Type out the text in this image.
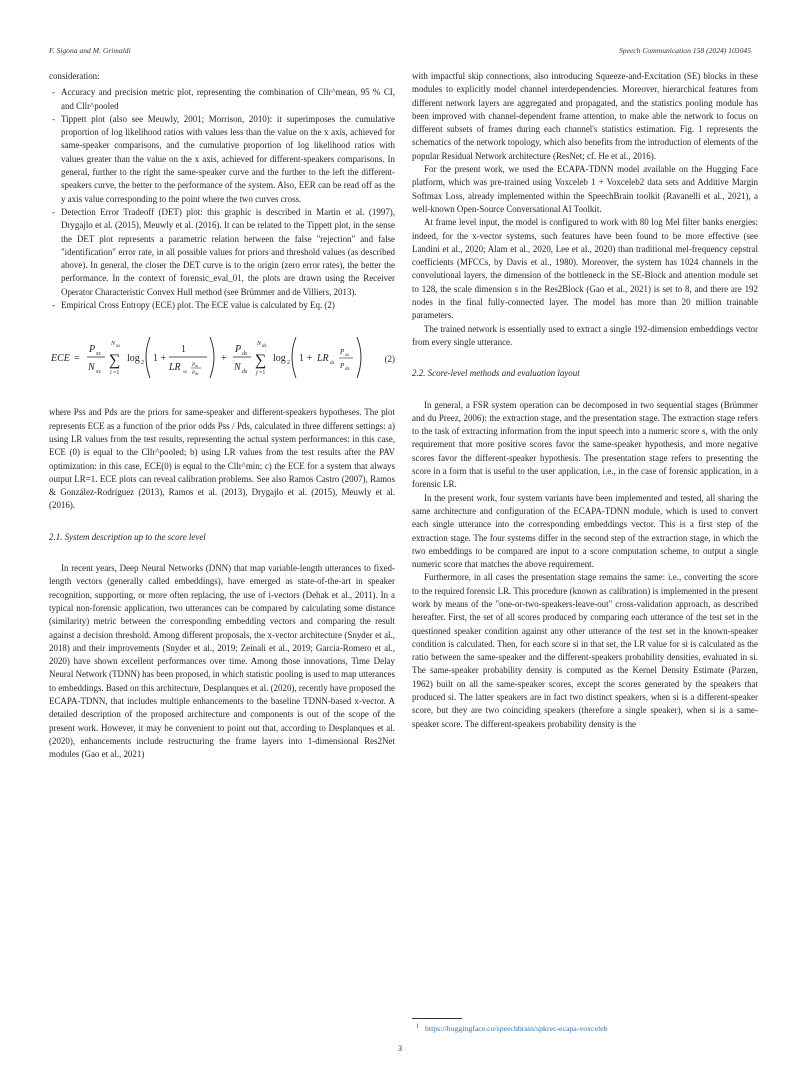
F. Sigona and M. Grimaldi	Speech Communication 158 (2024) 103045

consideration:

- Accuracy and precision metric plot, representing the combination of Cllr^mean, 95 % CI, and Cllr^pooled
- Tippett plot (also see Meuwly, 2001; Morrison, 2010): it superimposes the cumulative proportion of log likelihood ratios with values less than the value on the x axis, achieved for same-speaker comparisons, and the cumulative proportion of log likelihood ratios with values greater than the value on the x axis, achieved for different-speakers comparisons. In general, further to the right the same-speaker curve and the further to the left the different-speakers curve, the better to the performance of the system. Also, EER can be read off as the y axis value corresponding to the point where the two curves cross.
- Detection Error Tradeoff (DET) plot: this graphic is described in Martin et al. (1997), Drygajlo et al. (2015), Meuwly et al. (2016). It can be related to the Tippett plot, in the sense the DET plot represents a parametric relation between the false "rejection" and false "identification" error rate, in all possible values for priors and threshold values (as described above). In general, the closer the DET curve is to the origin (zero error rates), the better the performance. In the context of forensic_eval_01, the plots are drawn using the Receiver Operator Characteristic Convex Hull method (see Brümmer and de Villiers, 2013).
- Empirical Cross Entropy (ECE) plot. The ECE value is calculated by Eq. (2)
ECE =
P ss
N ss
N ss
∑
i =1
log 2 1 +
1
LR ss
P ss
P ds
+
P ds
N ds
N ds
∑
j =1
log 2 1 + LR ds
P ss
P ds
(2)

where Pss and Pds are the priors for same-speaker and different-speakers hypotheses. The plot represents ECE as a function of the prior odds Pss / Pds, calculated in three different settings: a) using LR values from the test results, representing the actual system performances: in this case, ECE (0) is equal to the Cllr^pooled; b) using LR values from the test results after the PAV optimization: in this case, ECE(0) is equal to the Cllr^min; c) the ECE for a system that always output LR=1. ECE plots can reveal calibration problems. See also Ramos Castro (2007), Ramos & González-Rodríguez (2013), Ramos et al. (2013), Drygajlo et al. (2015), Meuwly et al. (2016).

2.1. System description up to the score level

In recent years, Deep Neural Networks (DNN) that map variable-length utterances to fixed-length vectors (generally called embeddings), have emerged as state-of-the-art in speaker recognition, supporting, or more often replacing, the use of i-vectors (Dehak et al., 2011). In a typical non-forensic application, two utterances can be compared by calculating some distance (similarity) metric between the corresponding embedding vectors and comparing the result against a decision threshold. Among different proposals, the x-vector architecture (Snyder et al., 2018) and their improvements (Snyder et al., 2019; Zeinali et al., 2019; Garcia-Romero et al., 2020) have shown excellent performances over time. Among those innovations, Time Delay Neural Network (TDNN) has been proposed, in which statistic pooling is used to map utterances to embeddings. Based on this architecture, Desplanques et al. (2020), recently have proposed the ECAPA-TDNN, that includes multiple enhancements to the baseline TDNN-based x-vector. A detailed description of the proposed architecture and components is out of the scope of the present work. However, it may be convenient to point out that, according to Desplanques et al. (2020), enhancements include restructuring the frame layers into 1-dimensional Res2Net modules (Gao et al., 2021)

with impactful skip connections, also introducing Squeeze-and-Excitation (SE) blocks in these modules to explicitly model channel interdependencies. Moreover, hierarchical features from different network layers are aggregated and propagated, and the statistics pooling module has been improved with channel-dependent frame attention, to make able the network to focus on different subsets of frames during each channel's statistics estimation. Fig. 1 represents the schematics of the network topology, which also benefits from the introduction of elements of the popular Residual Network architecture (ResNet; cf. He et al., 2016).

For the present work, we used the ECAPA-TDNN model available on the Hugging Face platform, which was pre-trained using Voxceleb 1 + Voxceleb2 data sets and Additive Margin Softmax Loss, already implemented within the SpeechBrain toolkit (Ravanelli et al., 2021), a well-known Open-Source Conversational AI Toolkit.

At frame level input, the model is configured to work with 80 log Mel filter banks energies: indeed, for the x-vector systems, such features have been found to be more effective (see Landini et al., 2020; Alam et al., 2020, Lee et al., 2020) than traditional mel-frequency cepstral coefficients (MFCCs, by Davis et al., 1980). Moreover, the system has 1024 channels in the convolutional layers, the dimension of the bottleneck in the SE-Block and attention module set to 128, the scale dimension s in the Res2Block (Gao et al., 2021) is set to 8, and there are 192 nodes in the final fully-connected layer. The model has more than 20 million trainable parameters.

The trained network is essentially used to extract a single 192-dimension embeddings vector from every single utterance.

2.2. Score-level methods and evaluation layout

In general, a FSR system operation can be decomposed in two sequential stages (Brümmer and du Preez, 2006): the extraction stage, and the presentation stage. The extraction stage refers to the task of extracting information from the input speech into a numeric score s, with the only requirement that more positive scores favor the same-speaker hypothesis, and more negative scores favor the different-speaker hypothesis. The presentation stage refers to presenting the score in a form that is useful to the user application, i.e., in the case of forensic application, in a forensic LR.

In the present work, four system variants have been implemented and tested, all sharing the same architecture and configuration of the ECAPA-TDNN module, which is used to convert each single utterance into the corresponding embeddings vector. This is a first step of the extraction stage. The four systems differ in the second step of the extraction stage, in which the two embeddings to be compared are input to a score computation scheme, to output a single numeric score that matches the above requirement.

Furthermore, in all cases the presentation stage remains the same: i.e., converting the score to the required forensic LR. This procedure (known as calibration) is implemented in the present work by means of the "one-or-two-speakers-leave-out" cross-validation approach, as described hereafter. First, the set of all scores produced by comparing each utterance of the test set in the questioned speaker condition against any other utterance of the test set in the known-speaker condition is calculated. Then, for each score si in that set, the LR value for si is calculated as the ratio between the same-speaker and the different-speakers probability densities, evaluated in si. The same-speaker probability density is computed as the Kernel Density Estimate (Parzen, 1962) built on all the same-speaker scores, except the scores generated by the speakers that produced si. The latter speakers are in fact two distinct speakers, when si is a different-speaker score, but they are two coinciding speakers (therefore a single speaker), when si is a same-speaker score. The different-speakers probability density is the

$^1$ https://huggingface.co/speechbrain/spkrec-ecapa-voxceleb
3
